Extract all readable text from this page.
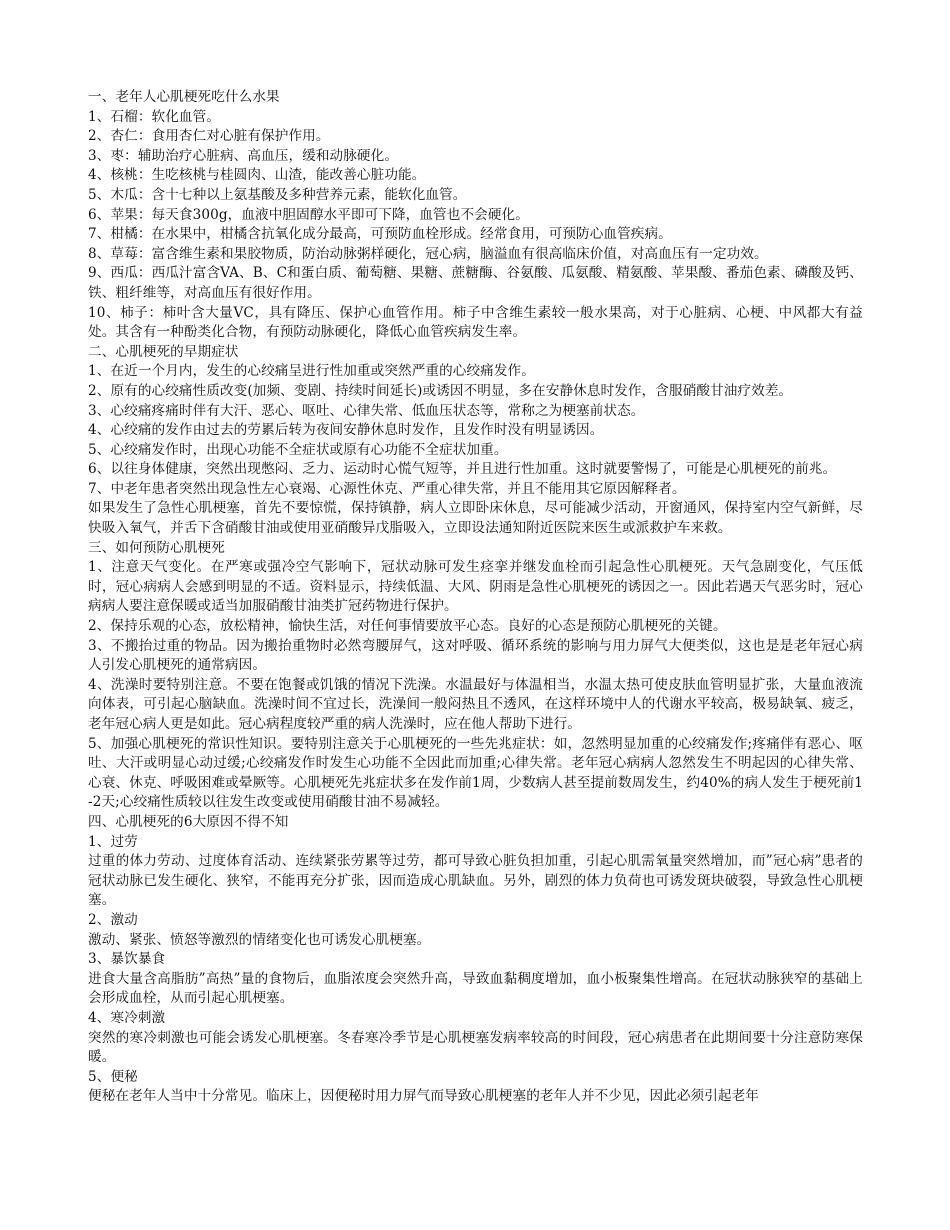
一、老年人心肌梗死吃什么水果

1、石榴：软化血管。

2、杏仁：食用杏仁对心脏有保护作用。

3、枣：辅助治疗心脏病、高血压，缓和动脉硬化。

4、核桃：生吃核桃与桂圆肉、山渣，能改善心脏功能。

5、木瓜：含十七种以上氨基酸及多种营养元素，能软化血管。

6、苹果：每天食300g，血液中胆固醇水平即可下降，血管也不会硬化。

7、柑橘：在水果中，柑橘含抗氧化成分最高，可预防血栓形成。经常食用，可预防心血管疾病。

8、草莓：富含维生素和果胶物质，防治动脉粥样硬化，冠心病，脑溢血有很高临床价值，对高血压有一定功效。

9、西瓜：西瓜汁富含VA、B、C和蛋白质、葡萄糖、果糖、蔗糖酶、谷氨酸、瓜氨酸、精氨酸、苹果酸、番茄色素、磷酸及钙、铁、粗纤维等，对高血压有很好作用。

10、柿子：柿叶含大量VC，具有降压、保护心血管作用。柿子中含维生素较一般水果高，对于心脏病、心梗、中风都大有益处。其含有一种酚类化合物，有预防动脉硬化，降低心血管疾病发生率。

二、心肌梗死的早期症状

1、在近一个月内，发生的心绞痛呈进行性加重或突然严重的心绞痛发作。

2、原有的心绞痛性质改变(加频、变剧、持续时间延长)或诱因不明显，多在安静休息时发作，含服硝酸甘油疗效差。

3、心绞痛疼痛时伴有大汗、恶心、呕吐、心律失常、低血压状态等，常称之为梗塞前状态。

4、心绞痛的发作由过去的劳累后转为夜间安静休息时发作，且发作时没有明显诱因。

5、心绞痛发作时，出现心功能不全症状或原有心功能不全症状加重。

6、以往身体健康，突然出现憋闷、乏力、运动时心慌气短等，并且进行性加重。这时就要警惕了，可能是心肌梗死的前兆。

7、中老年患者突然出现急性左心衰竭、心源性休克、严重心律失常，并且不能用其它原因解释者。

如果发生了急性心肌梗塞，首先不要惊慌，保持镇静，病人立即卧床休息，尽可能减少活动，开窗通风，保持室内空气新鲜，尽快吸入氧气，并舌下含硝酸甘油或使用亚硝酸异戊脂吸入，立即设法通知附近医院来医生或派救护车来救。

三、如何预防心肌梗死

1、注意天气变化。在严寒或强冷空气影响下，冠状动脉可发生痉挛并继发血栓而引起急性心肌梗死。天气急剧变化，气压低时，冠心病病人会感到明显的不适。资料显示，持续低温、大风、阴雨是急性心肌梗死的诱因之一。因此若遇天气恶劣时，冠心病病人要注意保暖或适当加服硝酸甘油类扩冠药物进行保护。

2、保持乐观的心态，放松精神，愉快生活，对任何事情要放平心态。良好的心态是预防心肌梗死的关键。

3、不搬抬过重的物品。因为搬抬重物时必然弯腰屏气，这对呼吸、循环系统的影响与用力屏气大便类似，这也是是老年冠心病人引发心肌梗死的通常病因。

4、洗澡时要特别注意。不要在饱餐或饥饿的情况下洗澡。水温最好与体温相当，水温太热可使皮肤血管明显扩张，大量血液流向体表，可引起心脑缺血。洗澡时间不宜过长，洗澡间一般闷热且不透风，在这样环境中人的代谢水平较高，极易缺氧、疲乏，老年冠心病人更是如此。冠心病程度较严重的病人洗澡时，应在他人帮助下进行。

5、加强心肌梗死的常识性知识。要特别注意关于心肌梗死的一些先兆症状：如，忽然明显加重的心绞痛发作;疼痛伴有恶心、呕吐、大汗或明显心动过缓;心绞痛发作时发生心功能不全因此而加重;心律失常。老年冠心病病人忽然发生不明起因的心律失常、心衰、休克、呼吸困难或晕厥等。心肌梗死先兆症状多在发作前1周，少数病人甚至提前数周发生，约40%的病人发生于梗死前1-2天;心绞痛性质较以往发生改变或使用硝酸甘油不易减轻。

四、心肌梗死的6大原因不得不知

1、过劳

过重的体力劳动、过度体育活动、连续紧张劳累等过劳，都可导致心脏负担加重，引起心肌需氧量突然增加，而”冠心病”患者的冠状动脉已发生硬化、狭窄，不能再充分扩张，因而造成心肌缺血。另外，剧烈的体力负荷也可诱发斑块破裂，导致急性心肌梗塞。

2、激动

激动、紧张、愤怒等激烈的情绪变化也可诱发心肌梗塞。

3、暴饮暴食

进食大量含高脂肪”高热”量的食物后，血脂浓度会突然升高，导致血黏稠度增加，血小板聚集性增高。在冠状动脉狭窄的基础上会形成血栓，从而引起心肌梗塞。

4、寒冷刺激

突然的寒冷刺激也可能会诱发心肌梗塞。冬春寒冷季节是心肌梗塞发病率较高的时间段，冠心病患者在此期间要十分注意防寒保暖。

5、便秘

便秘在老年人当中十分常见。临床上，因便秘时用力屏气而导致心肌梗塞的老年人并不少见，因此必须引起老年
